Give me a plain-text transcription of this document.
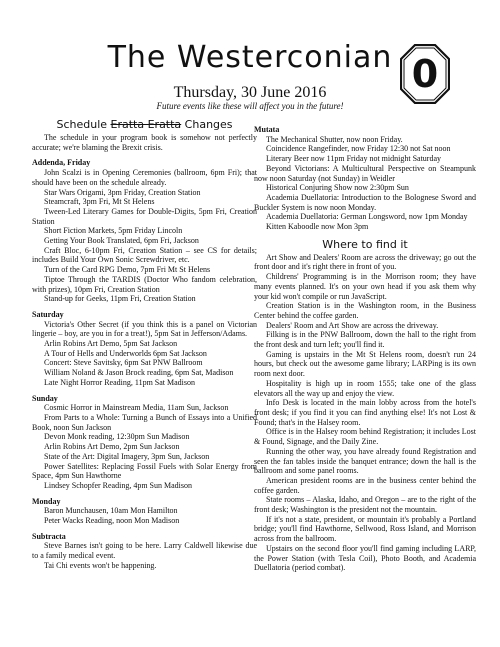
The Westerconian 0
Thursday, 30 June 2016
Future events like these will affect you in the future!
Schedule Eratta Eratta Changes
The schedule in your program book is somehow not perfectly accurate; we're blaming the Brexit crisis.
Addenda, Friday
John Scalzi is in Opening Ceremonies (ballroom, 6pm Fri); that should have been on the schedule already.
Star Wars Origami, 3pm Friday, Creation Station
Steamcraft, 3pm Fri, Mt St Helens
Tween-Led Literary Games for Double-Digits, 5pm Fri, Creation Station
Short Fiction Markets, 5pm Friday Lincoln
Getting Your Book Translated, 6pm Fri, Jackson
Craft Bloc, 6-10pm Fri, Creation Station – see CS for details; includes Build Your Own Sonic Screwdriver, etc.
Turn of the Card RPG Demo, 7pm Fri Mt St Helens
Tiptoe Through the TARDIS (Doctor Who fandom celebration, with prizes), 10pm Fri, Creation Station
Stand-up for Geeks, 11pm Fri, Creation Station
Saturday
Victoria's Other Secret (if you think this is a panel on Victorian lingerie – boy, are you in for a treat!), 5pm Sat in Jefferson/Adams.
Arlin Robins Art Demo, 5pm Sat Jackson
A Tour of Hells and Underworlds 6pm Sat Jackson
Concert: Steve Savitsky, 6pm Sat PNW Ballroom
William Noland & Jason Brock reading, 6pm Sat, Madison
Late Night Horror Reading, 11pm Sat Madison
Sunday
Cosmic Horror in Mainstream Media, 11am Sun, Jackson
From Parts to a Whole: Turning a Bunch of Essays into a Unified Book, noon Sun Jackson
Devon Monk reading, 12:30pm Sun Madison
Arlin Robins Art Demo, 2pm Sun Jackson
State of the Art: Digital Imagery, 3pm Sun, Jackson
Power Satellites: Replacing Fossil Fuels with Solar Energy from Space, 4pm Sun Hawthorne
Lindsey Schopfer Reading, 4pm Sun Madison
Monday
Baron Munchausen, 10am Mon Hamilton
Peter Wacks Reading, noon Mon Madison
Subtracta
Steve Barnes isn't going to be here. Larry Caldwell likewise due to a family medical event.
Tai Chi events won't be happening.
Mutata
The Mechanical Shutter, now noon Friday.
Coincidence Rangefinder, now Friday 12:30 not Sat noon
Literary Beer now 11pm Friday not midnight Saturday
Beyond Victorians: A Multicultural Perspective on Steampunk now noon Saturday (not Sunday) in Weidler
Historical Conjuring Show now 2:30pm Sun
Academia Duellatoria: Introduction to the Bolognese Sword and Buckler System is now noon Monday.
Academia Duellatoria: German Longsword, now 1pm Monday
Kitten Kaboodle now Mon 3pm
Where to find it
Art Show and Dealers' Room are across the driveway; go out the front door and it's right there in front of you.
Childrens' Programming is in the Morrison room; they have many events planned. It's on your own head if you ask them why your kid won't compile or run JavaScript.
Creation Station is in the Washington room, in the Business Center behind the coffee garden.
Dealers' Room and Art Show are across the driveway.
Filking is in the PNW Ballroom, down the hall to the right from the front desk and turn left; you'll find it.
Gaming is upstairs in the Mt St Helens room, doesn't run 24 hours, but check out the awesome game library; LARPing is its own room next door.
Hospitality is high up in room 1555; take one of the glass elevators all the way up and enjoy the view.
Info Desk is located in the main lobby across from the hotel's front desk; if you find it you can find anything else! It's not Lost & Found; that's in the Halsey room.
Office is in the Halsey room behind Registration; it includes Lost & Found, Signage, and the Daily Zine.
Running the other way, you have already found Registration and seen the fan tables inside the banquet entrance; down the hall is the ballroom and some panel rooms.
American president rooms are in the business center behind the coffee garden.
State rooms – Alaska, Idaho, and Oregon – are to the right of the front desk; Washington is the president not the mountain.
If it's not a state, president, or mountain it's probably a Portland bridge; you'll find Hawthorne, Sellwood, Ross Island, and Morrison across from the ballroom.
Upstairs on the second floor you'll find gaming including LARP, the Power Station (with Tesla Coil), Photo Booth, and Academia Duellatoria (period combat).
